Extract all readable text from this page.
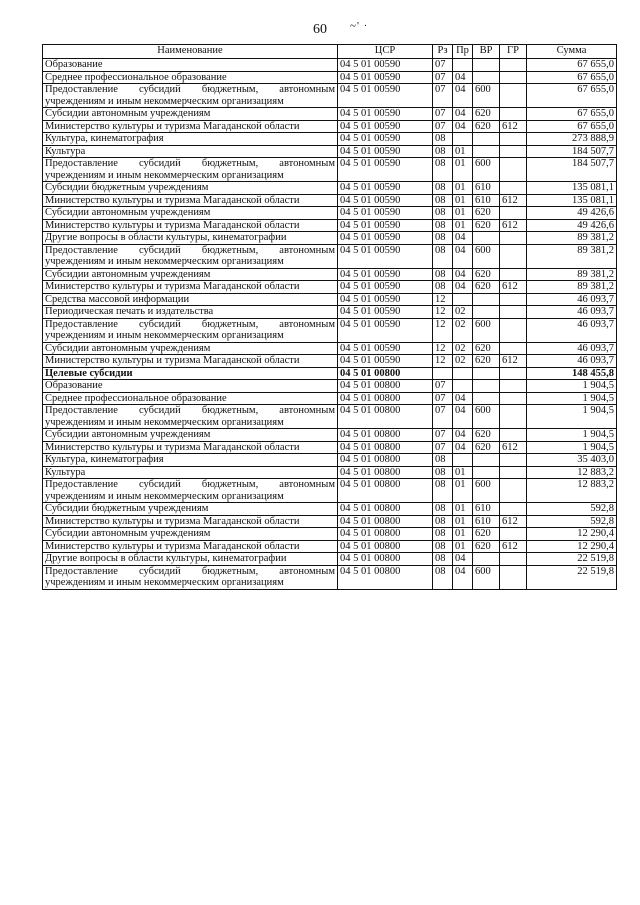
60	~' ·
Наименование	ЦСР	Рз	Пр	ВР	ГР	Сумма
Образование	04 5 01 00590	07				67 655,0
Среднее профессиональное образование	04 5 01 00590	07	04			67 655,0
Предоставление субсидий бюджетным, автономным учреждениям и иным некоммерческим организациям	04 5 01 00590	07	04	600		67 655,0
Субсидии автономным учреждениям	04 5 01 00590	07	04	620		67 655,0
Министерство культуры и туризма Магаданской области	04 5 01 00590	07	04	620	612	67 655,0
Культура, кинематография	04 5 01 00590	08				273 888,9
Культура	04 5 01 00590	08	01			184 507,7
Предоставление субсидий бюджетным, автономным учреждениям и иным некоммерческим организациям	04 5 01 00590	08	01	600		184 507,7
Субсидии бюджетным учреждениям	04 5 01 00590	08	01	610		135 081,1
Министерство культуры и туризма Магаданской области	04 5 01 00590	08	01	610	612	135 081,1
Субсидии автономным учреждениям	04 5 01 00590	08	01	620		49 426,6
Министерство культуры и туризма Магаданской области	04 5 01 00590	08	01	620	612	49 426,6
Другие вопросы в области культуры, кинематографии	04 5 01 00590	08	04			89 381,2
Предоставление субсидий бюджетным, автономным учреждениям и иным некоммерческим организациям	04 5 01 00590	08	04	600		89 381,2
Субсидии автономным учреждениям	04 5 01 00590	08	04	620		89 381,2
Министерство культуры и туризма Магаданской области	04 5 01 00590	08	04	620	612	89 381,2
Средства массовой информации	04 5 01 00590	12				46 093,7
Периодическая печать и издательства	04 5 01 00590	12	02			46 093,7
Предоставление субсидий бюджетным, автономным учреждениям и иным некоммерческим организациям	04 5 01 00590	12	02	600		46 093,7
Субсидии автономным учреждениям	04 5 01 00590	12	02	620		46 093,7
Министерство культуры и туризма Магаданской области	04 5 01 00590	12	02	620	612	46 093,7
Целевые субсидии	04 5 01 00800					148 455,8
Образование	04 5 01 00800	07				1 904,5
Среднее профессиональное образование	04 5 01 00800	07	04			1 904,5
Предоставление субсидий бюджетным, автономным учреждениям и иным некоммерческим организациям	04 5 01 00800	07	04	600		1 904,5
Субсидии автономным учреждениям	04 5 01 00800	07	04	620		1 904,5
Министерство культуры и туризма Магаданской области	04 5 01 00800	07	04	620	612	1 904,5
Культура, кинематография	04 5 01 00800	08				35 403,0
Культура	04 5 01 00800	08	01			12 883,2
Предоставление субсидий бюджетным, автономным учреждениям и иным некоммерческим организациям	04 5 01 00800	08	01	600		12 883,2
Субсидии бюджетным учреждениям	04 5 01 00800	08	01	610		592,8
Министерство культуры и туризма Магаданской области	04 5 01 00800	08	01	610	612	592,8
Субсидии автономным учреждениям	04 5 01 00800	08	01	620		12 290,4
Министерство культуры и туризма Магаданской области	04 5 01 00800	08	01	620	612	12 290,4
Другие вопросы в области культуры, кинематографии	04 5 01 00800	08	04			22 519,8
Предоставление субсидий бюджетным, автономным учреждениям и иным некоммерческим организациям	04 5 01 00800	08	04	600		22 519,8
